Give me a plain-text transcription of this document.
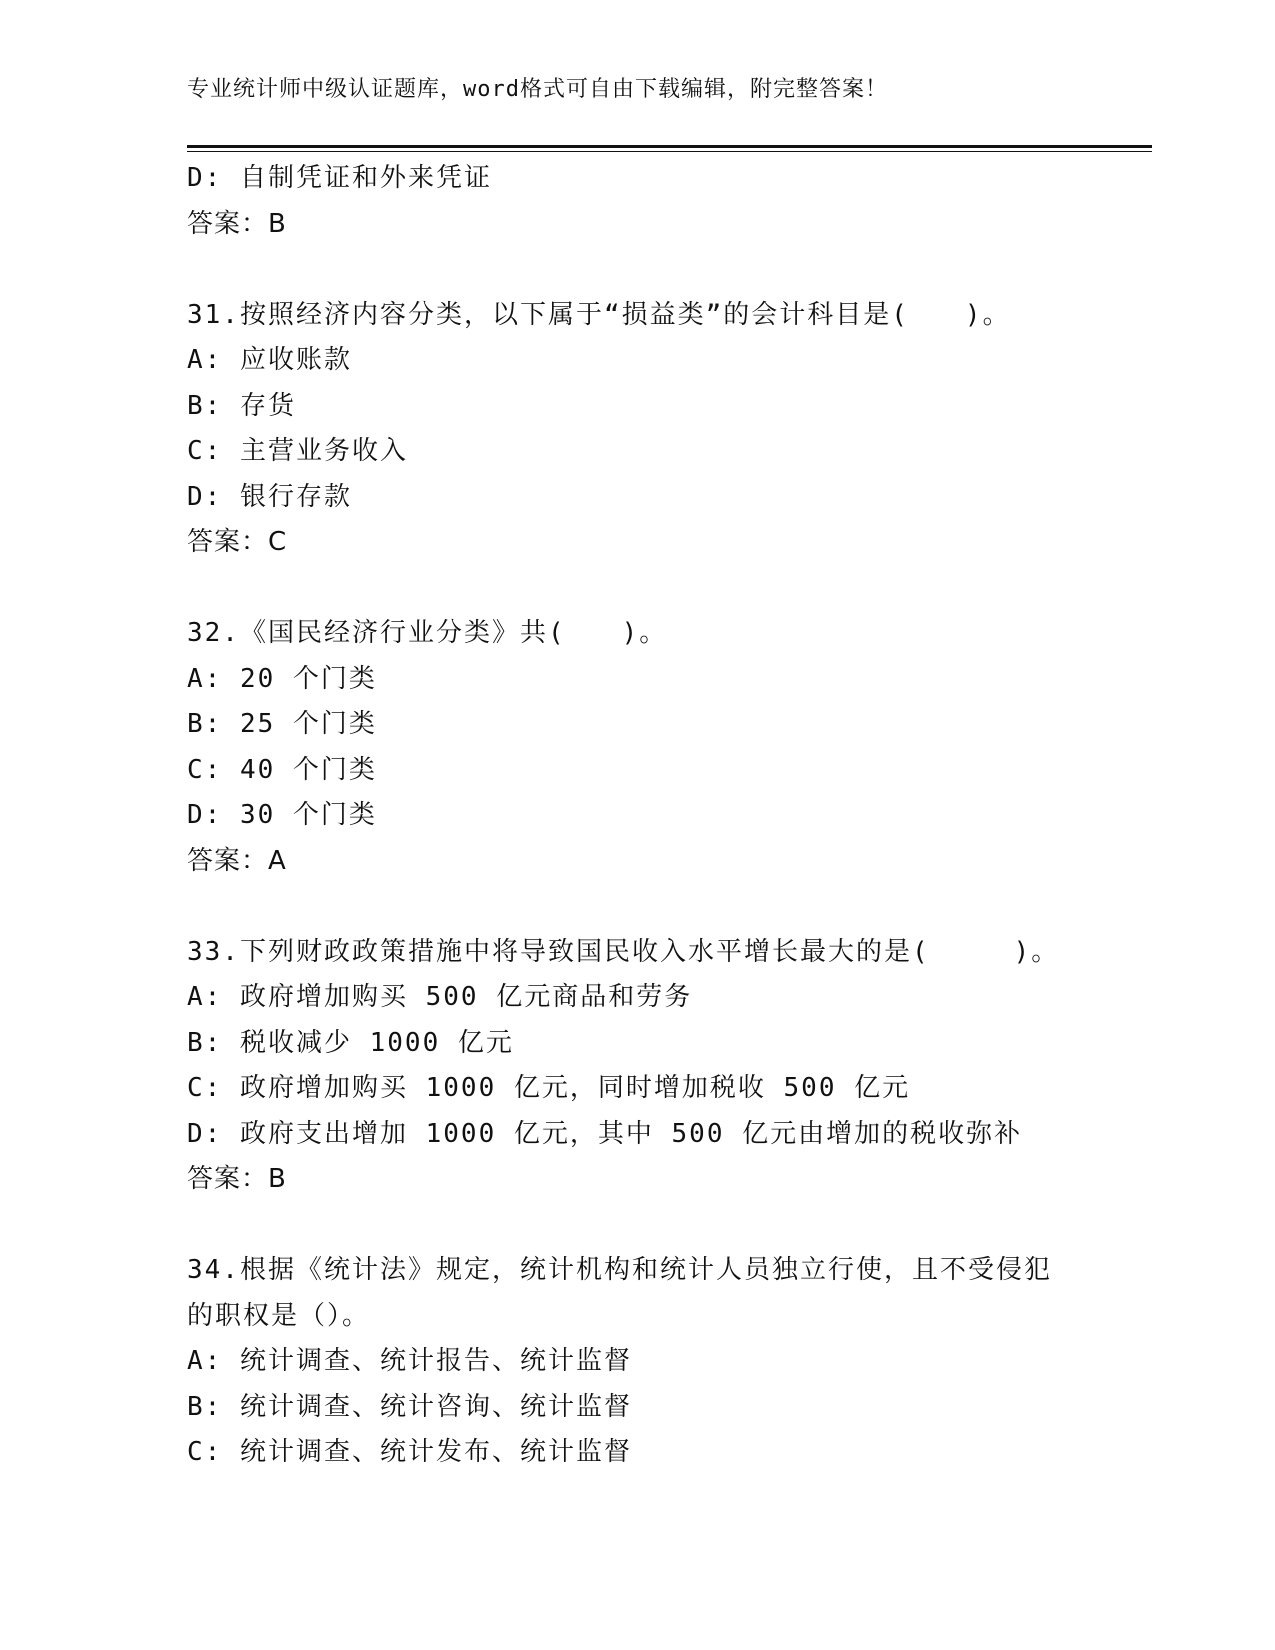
专业统计师中级认证题库，word格式可自由下载编辑，附完整答案！
D: 自制凭证和外来凭证
答案：B
31.按照经济内容分类，以下属于“损益类”的会计科目是(　　)。
A: 应收账款
B: 存货
C: 主营业务收入
D: 银行存款
答案：C
32.《国民经济行业分类》共(　　)。
A: 20 个门类
B: 25 个门类
C: 40 个门类
D: 30 个门类
答案：A
33.下列财政政策措施中将导致国民收入水平增长最大的是(　　　)。
A: 政府增加购买 500 亿元商品和劳务
B: 税收减少 1000 亿元
C: 政府增加购买 1000 亿元，同时增加税收 500 亿元
D: 政府支出增加 1000 亿元，其中 500 亿元由增加的税收弥补
答案：B
34.根据《统计法》规定，统计机构和统计人员独立行使，且不受侵犯
的职权是（）。
A: 统计调查、统计报告、统计监督
B: 统计调查、统计咨询、统计监督
C: 统计调查、统计发布、统计监督
